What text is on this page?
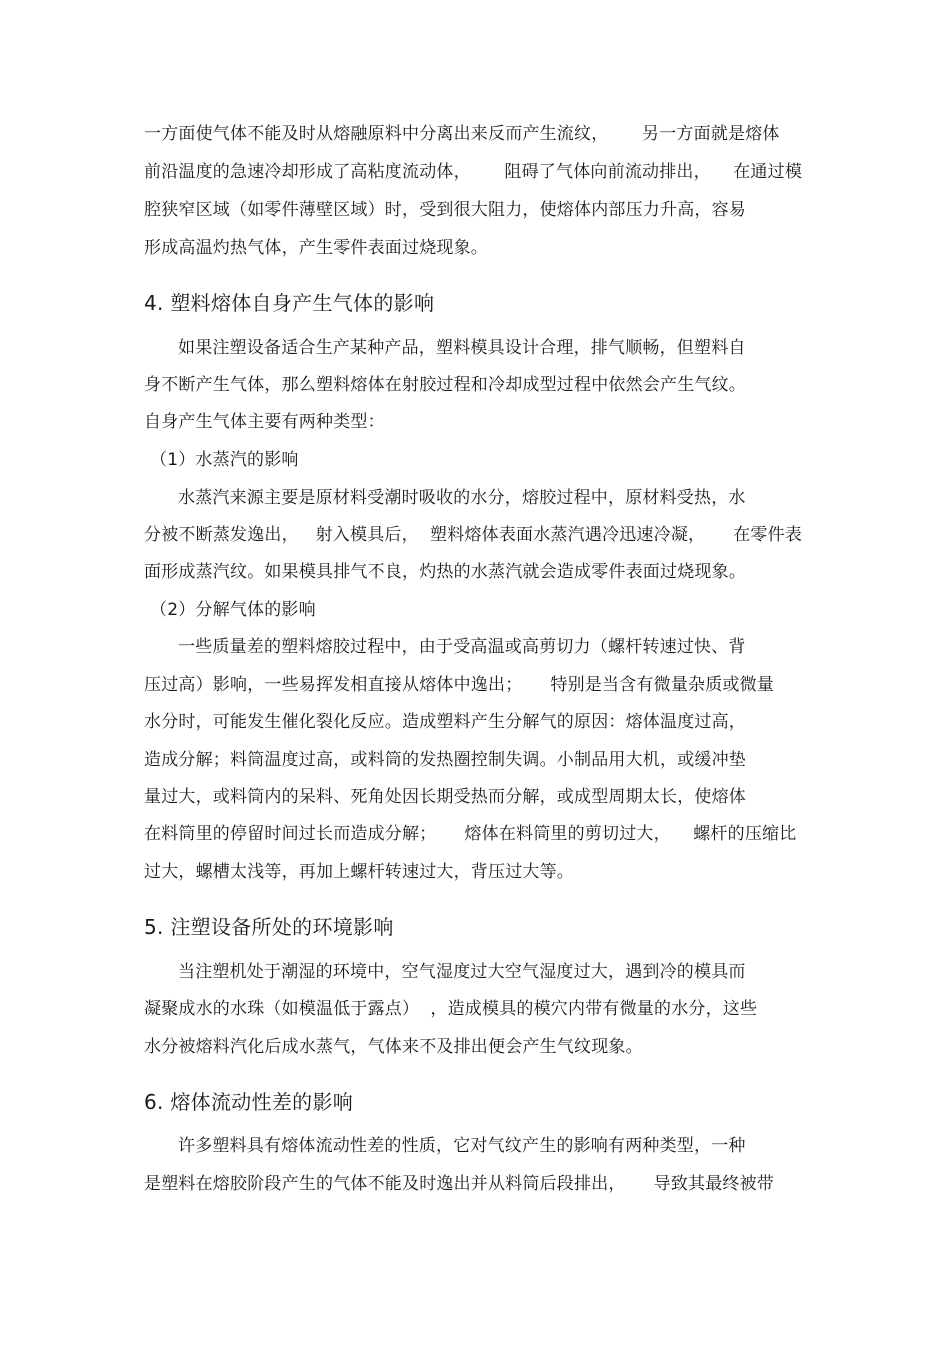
一方面使气体不能及时从熔融原料中分离出来反而产生流纹，      另一方面就是熔体
前沿温度的急速冷却形成了高粘度流动体，      阻碍了气体向前流动排出，    在通过模
腔狭窄区域（如零件薄壁区域）时，受到很大阻力，使熔体内部压力升高，容易
形成高温灼热气体，产生零件表面过烧现象。
4. 塑料熔体自身产生气体的影响
如果注塑设备适合生产某种产品，塑料模具设计合理，排气顺畅，但塑料自
身不断产生气体，那么塑料熔体在射胶过程和冷却成型过程中依然会产生气纹。
自身产生气体主要有两种类型：
（1）水蒸汽的影响
水蒸汽来源主要是原材料受潮时吸收的水分，熔胶过程中，原材料受热，水
分被不断蒸发逸出，   射入模具后，  塑料熔体表面水蒸汽遇冷迅速冷凝，     在零件表
面形成蒸汽纹。如果模具排气不良，灼热的水蒸汽就会造成零件表面过烧现象。
（2）分解气体的影响
一些质量差的塑料熔胶过程中，由于受高温或高剪切力（螺杆转速过快、背
压过高）影响，一些易挥发相直接从熔体中逸出；     特别是当含有微量杂质或微量
水分时，可能发生催化裂化反应。造成塑料产生分解气的原因：熔体温度过高，
造成分解；料筒温度过高，或料筒的发热圈控制失调。小制品用大机，或缓冲垫
量过大，或料筒内的呆料、死角处因长期受热而分解，或成型周期太长，使熔体
在料筒里的停留时间过长而造成分解；     熔体在料筒里的剪切过大，    螺杆的压缩比
过大，螺槽太浅等，再加上螺杆转速过大，背压过大等。
5. 注塑设备所处的环境影响
当注塑机处于潮湿的环境中，空气湿度过大空气湿度过大，遇到冷的模具而
凝聚成水的水珠（如模温低于露点）  ，造成模具的模穴内带有微量的水分，这些
水分被熔料汽化后成水蒸气，气体来不及排出便会产生气纹现象。
6. 熔体流动性差的影响
许多塑料具有熔体流动性差的性质，它对气纹产生的影响有两种类型，一种
是塑料在熔胶阶段产生的气体不能及时逸出并从料筒后段排出，     导致其最终被带
